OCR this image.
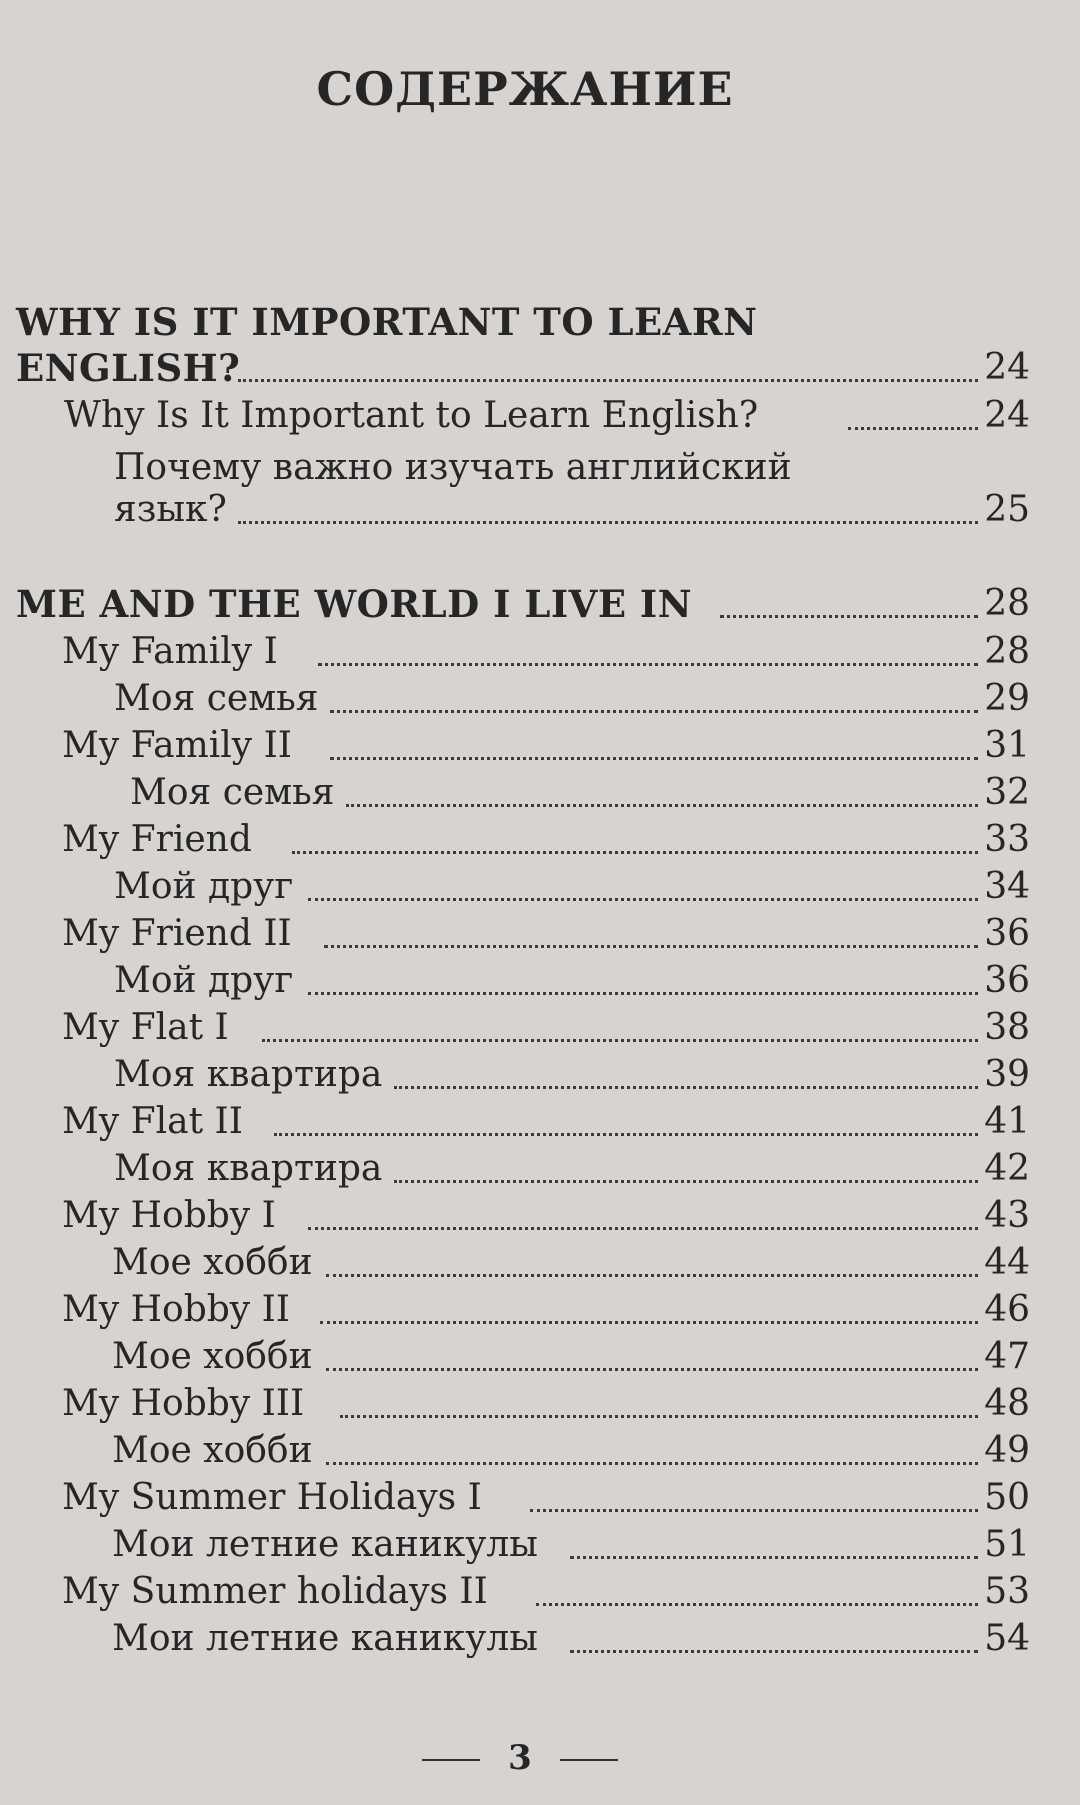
СОДЕРЖАНИЕ
WHY IS IT IMPORTANT TO LEARN
ENGLISH?	24
Why Is It Important to Learn English?	24
Почему важно изучать английский
язык?	25
ME AND THE WORLD I LIVE IN	28
My Family I	28
Моя семья	29
My Family II	31
Моя семья	32
My Friend	33
Мой друг	34
My Friend II	36
Мой друг	36
My Flat I	38
Моя квартира	39
My Flat II	41
Моя квартира	42
My Hobby I	43
Мое хобби	44
My Hobby II	46
Мое хобби	47
My Hobby III	48
Мое хобби	49
My Summer Holidays I	50
Мои летние каникулы	51
My Summer holidays II	53
Мои летние каникулы	54
3
